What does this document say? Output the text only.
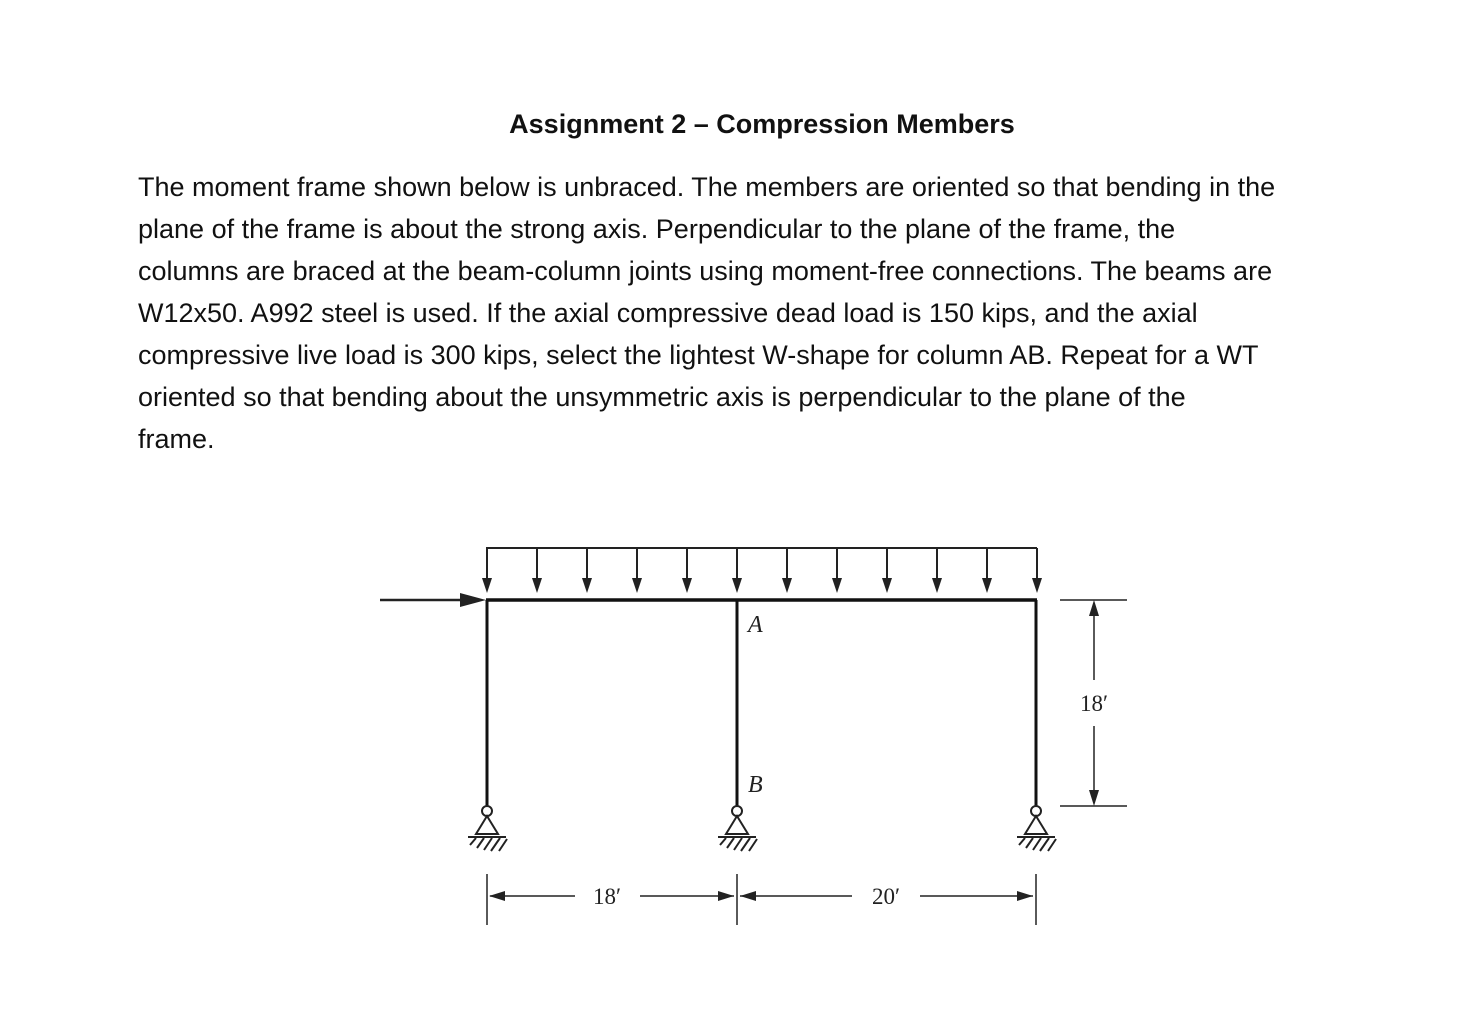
Assignment 2 – Compression Members
The moment frame shown below is unbraced. The members are oriented so that bending in the
plane of the frame is about the strong axis. Perpendicular to the plane of the frame, the
columns are braced at the beam-column joints using moment-free connections. The beams are
W12x50. A992 steel is used. If the axial compressive dead load is 150 kips, and the axial
compressive live load is 300 kips, select the lightest W-shape for column AB. Repeat for a WT
oriented so that bending about the unsymmetric axis is perpendicular to the plane of the
frame.
A
B
18′
18′	20′
